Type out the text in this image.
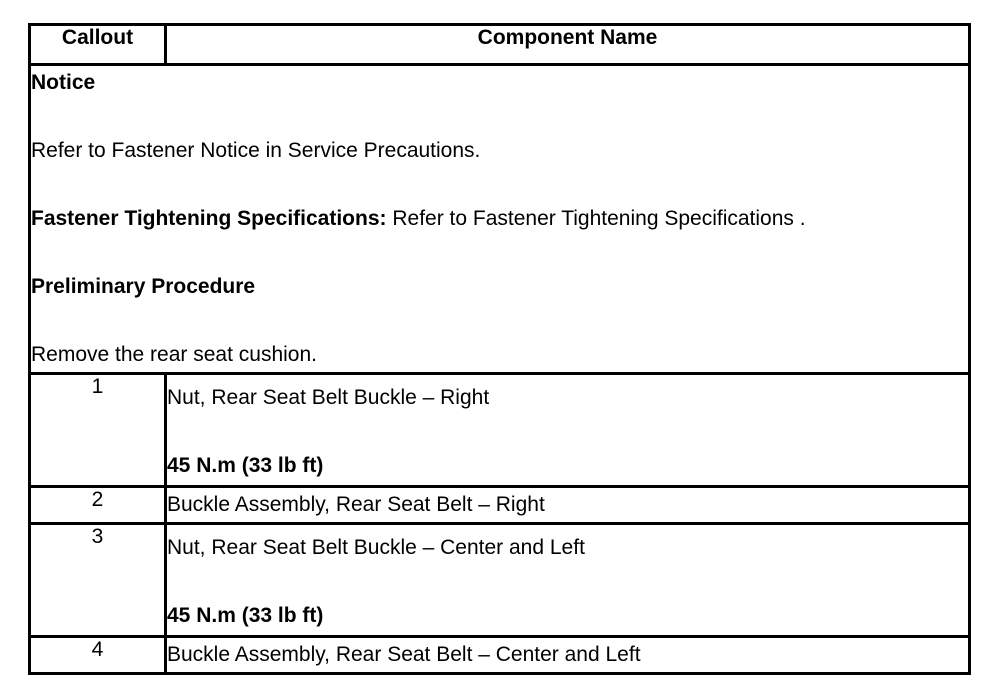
Callout	Component Name

Notice
Refer to Fastener Notice in Service Precautions.
Fastener Tightening Specifications: Refer to Fastener Tightening Specifications .
Preliminary Procedure
Remove the rear seat cushion.	

1	Nut, Rear Seat Belt Buckle – Right
45 N.m (33 lb ft)

2	Buckle Assembly, Rear Seat Belt – Right
3	Nut, Rear Seat Belt Buckle – Center and Left
45 N.m (33 lb ft)

4	Buckle Assembly, Rear Seat Belt – Center and Left
